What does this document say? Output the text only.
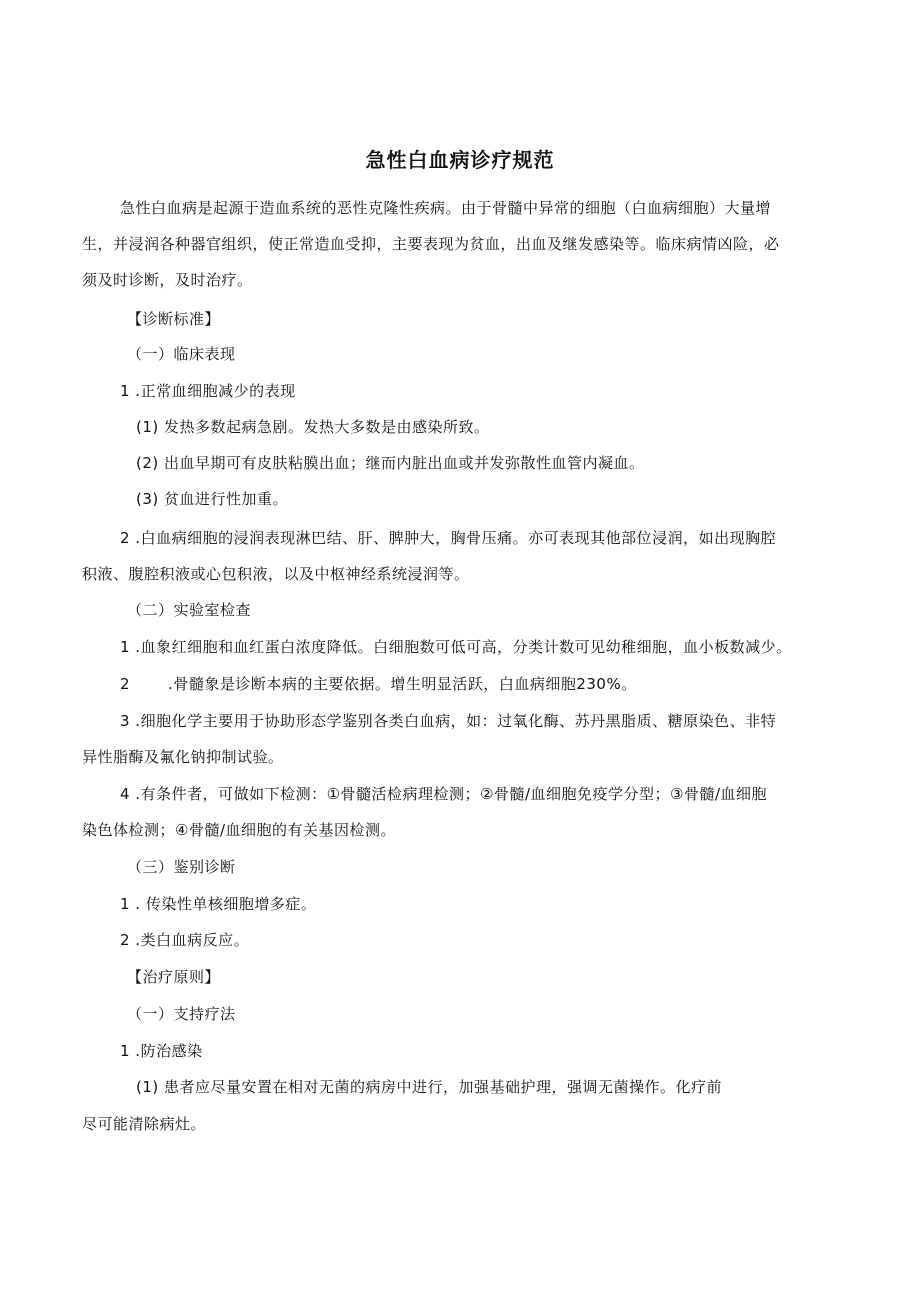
急性白血病诊疗规范
急性白血病是起源于造血系统的恶性克隆性疾病。由于骨髓中异常的细胞（白血病细胞）大量增
生，并浸润各种器官组织，使正常造血受抑，主要表现为贫血，出血及继发感染等。临床病情凶险，必
须及时诊断，及时治疗。
【诊断标准】
（一）临床表现
1 .正常血细胞减少的表现
(1) 发热多数起病急剧。发热大多数是由感染所致。
(2) 出血早期可有皮肤粘膜出血；继而内脏出血或并发弥散性血管内凝血。
(3) 贫血进行性加重。
2 .白血病细胞的浸润表现淋巴结、肝、脾肿大，胸骨压痛。亦可表现其他部位浸润，如出现胸腔
积液、腹腔积液或心包积液，以及中枢神经系统浸润等。
（二）实验室检查
1 .血象红细胞和血红蛋白浓度降低。白细胞数可低可高，分类计数可见幼稚细胞，血小板数减少。
2	.骨髓象是诊断本病的主要依据。增生明显活跃，白血病细胞230%。
3 .细胞化学主要用于协助形态学鉴别各类白血病，如：过氧化酶、苏丹黑脂质、糖原染色、非特
异性脂酶及氟化钠抑制试验。
4 .有条件者，可做如下检测：①骨髓活检病理检测；②骨髓/血细胞免疫学分型；③骨髓/血细胞
染色体检测；④骨髓/血细胞的有关基因检测。
（三）鉴别诊断
1 . 传染性单核细胞增多症。
2 .类白血病反应。
【治疗原则】
（一）支持疗法
1 .防治感染
(1) 患者应尽量安置在相对无菌的病房中进行，加强基础护理，强调无菌操作。化疗前
尽可能清除病灶。
